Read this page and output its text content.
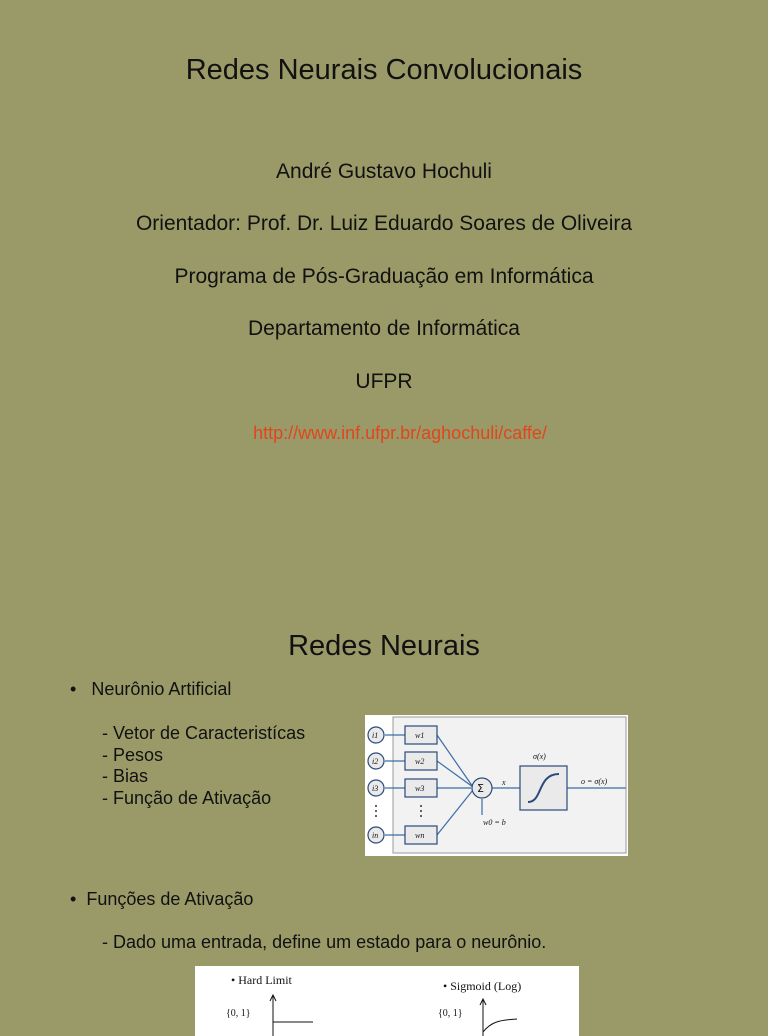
Redes Neurais Convolucionais
André Gustavo Hochuli
Orientador: Prof. Dr. Luiz Eduardo Soares de Oliveira
Programa de Pós-Graduação em Informática
Departamento de Informática
UFPR
http://www.inf.ufpr.br/aghochuli/caffe/
Redes Neurais
• Neurônio Artificial
- Vetor de Caracteristícas
- Pesos
- Bias
- Função de Ativação
i1
i2
i3
in
w1
w2
w3
wn
x
w0 = b
σ(x)
o = σ(x)
Σ
• Funções de Ativação
- Dado uma entrada, define um estado para o neurônio.
• Hard Limit	• Sigmoid (Log)
{0, 1}	{0, 1}
